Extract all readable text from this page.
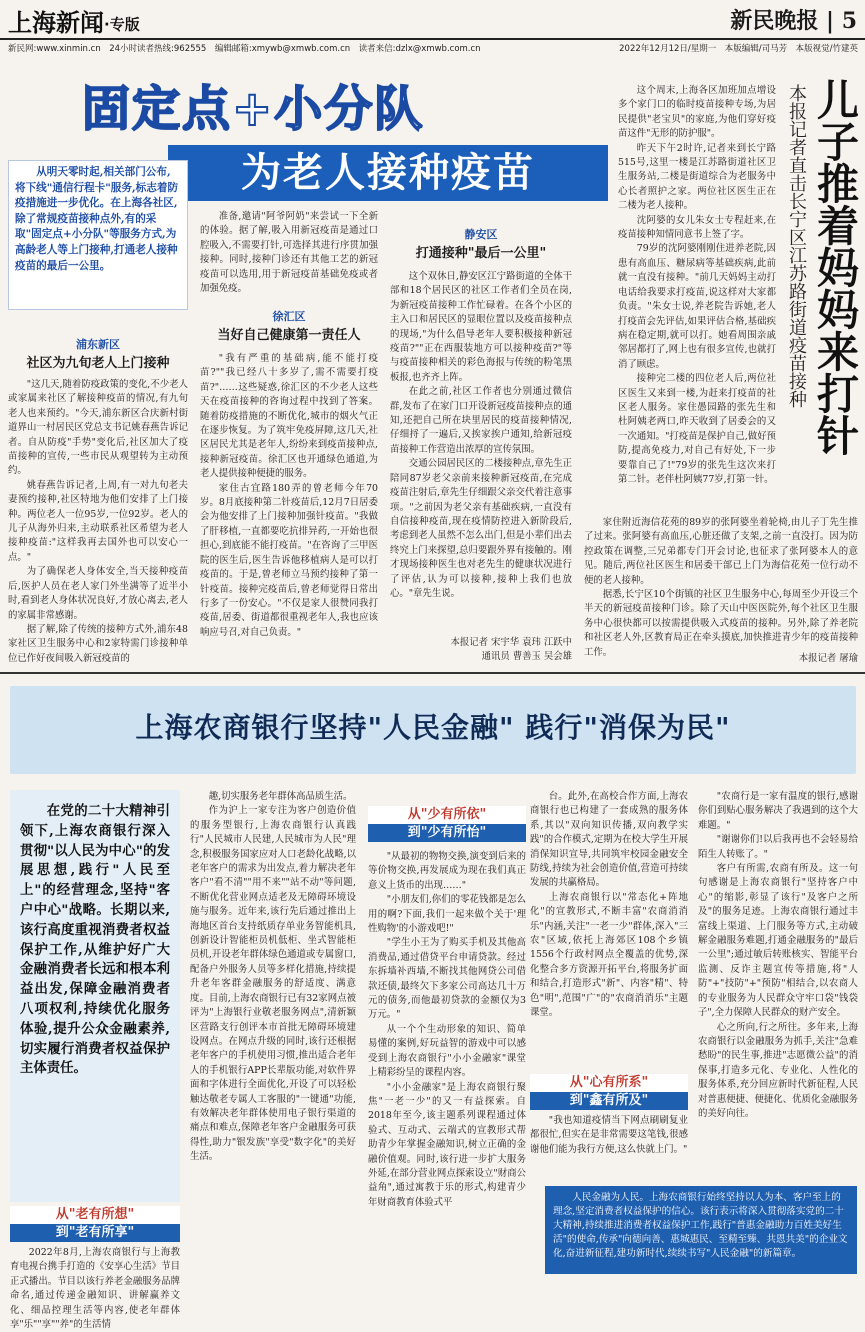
上海新闻·专版	新民晚报 | 5
新民网:www.xinmin.cn　24小时读者热线:962555　编辑邮箱:xmywb@xmwb.com.cn　读者来信:dzlx@xmwb.com.cn	2022年12月12日/星期一　本版编辑/司马芳　本版视觉/竹建英
固定点+小分队
为老人接种疫苗

从明天零时起,相关部门公布,将下线"通信行程卡"服务,标志着防疫措施进一步优化。在上海各社区,除了常规疫苗接种点外,有的采取"固定点+小分队"等服务方式,为高龄老人等上门接种,打通老人接种疫苗的最后一公里。

浦东新区
社区为九旬老人上门接种

"这几天,随着防疫政策的变化,不少老人或家属来社区了解接种疫苗的情况,有九旬老人也来预约。"今天,浦东新区合庆新村街道界山一村居民区党总支书记姚春燕告诉记者。自从防疫"手势"变化后,社区加大了疫苗接种的宣传,一些市民从观望转为主动预约。

姚春燕告诉记者,上周,有一对九旬老夫妻预约接种,社区特地为他们安排了上门接种。两位老人一位95岁,一位92岁。老人的儿子从海外归来,主动联系社区希望为老人接种疫苗:"这样我再去国外也可以安心一点。"

为了确保老人身体安全,当天接种疫苗后,医护人员在老人家门外坐满等了近半小时,看到老人身体状况良好,才放心离去,老人的家属非常感谢。

据了解,除了传统的接种方式外,浦东48家社区卫生服务中心和2家特需门诊接种单位已作好夜间吸入新冠疫苗的

准备,邀请"阿爷阿奶"来尝试一下全新的体验。据了解,吸入用新冠疫苗是通过口腔吸入,不需要打针,可选择其进行序贯加强接种。同时,接种门诊还有其他工艺的新冠疫苗可以选用,用于新冠疫苗基础免疫或者加强免疫。

徐汇区
当好自己健康第一责任人

"我有严重的基础病,能不能打疫苗?""我已经八十多岁了,需不需要打疫苗?"……这些疑惑,徐汇区的不少老人这些天在疫苗接种的咨询过程中找到了答案。随着防疫措施的不断优化,城市的烟火气正在逐步恢复。为了筑牢免疫屏障,这几天,社区居民尤其是老年人,纷纷来到疫苗接种点,接种新冠疫苗。徐汇区也开通绿色通道,为老人提供接种便捷的服务。

家住古宜路180弄的曾老师今年70岁。8月底接种第二针疫苗后,12月7日居委会为他安排了上门接种加强针疫苗。"我做了肝移植,一直都要吃抗排异药,一开始也很担心,到底能不能打疫苗。"在咨询了三甲医院的医生后,医生告诉他移植病人是可以打疫苗的。于是,曾老师立马预约接种了第一针疫苗。接种完疫苗后,曾老师觉得日常出行多了一份安心。"不仅是家人很赞同我打疫苗,居委、街道都很重视老年人,我也应该响应号召,对自己负责。"

静安区
打通接种"最后一公里"

这个双休日,静安区江宁路街道的全体干部和18个居民区的社区工作者们全员在岗,为新冠疫苗接种工作忙碌着。在各个小区的主入口和居民区的显眼位置以及疫苗接种点的现场,"为什么倡导老年人要积极接种新冠疫苗?""正在西服装地方可以接种疫苗?"等与疫苗接种相关的彩色海报与传统的粉笔黑板报,也齐齐上阵。

在此之前,社区工作者也分别通过微信群,发布了在家门口开设新冠疫苗接种点的通知,还把自己所在块里居民的疫苗接种情况,仔细捋了一遍后,又挨家挨户通知,给新冠疫苗接种工作营造出浓厚的宣传氛围。

交通公园居民区的二楼接种点,章先生正陪同87岁老父亲前来接种新冠疫苗,在完成疫苗注射后,章先生仔细跟父亲交代着注意事项。"之前因为老父亲有基础疾病,一直没有自信接种疫苗,现在疫情防控进入新阶段后,考虑到老人虽然不怎么出门,但是小辈们出去终究上门来探望,总归要跟外界有接触的。刚才现场接种医生也对老先生的健康状况进行了评估,认为可以接种,接种上我们也放心。"章先生说。

本报记者 宋宇华 袁玮 江跃中
通讯员 曹善玉 吴会雄

这个周末,上海各区加班加点增设多个家门口的临时疫苗接种专场,为居民提供"老宝贝"的家庭,为他们穿好疫苗这件"无形的防护服"。

昨天下午2时许,记者来到长宁路515号,这里一楼是江苏路街道社区卫生服务站,二楼是街道综合为老服务中心长者照护之家。两位社区医生正在二楼为老人接种。

沈阿婆的女儿朱女士专程赶来,在疫苗接种知情同意书上签了字。

79岁的沈阿婆刚刚住进养老院,因患有高血压、糖尿病等基础疾病,此前就一直没有接种。"前几天妈妈主动打电话给我要求打疫苗,说这样对大家都负责。"朱女士说,养老院告诉她,老人打疫苗会先评估,如果评估合格,基础疾病在稳定期,就可以打。她看周围亲戚邻居都打了,网上也有很多宣传,也就打消了顾虑。

接种完二楼的四位老人后,两位社区医生又来到一楼,为赶来打疫苗的社区老人服务。家住愚园路的张先生和杜阿姨老两口,昨天收到了居委会的又一次通知。"打疫苗是保护自己,做好预防,提高免疫力,对自己有好处,下一步要靠自己了!"79岁的张先生这次来打第二针。老伴杜阿姨77岁,打第一针。

家住附近海信花苑的89岁的张阿婆坐着轮椅,由儿子丁先生推了过来。张阿婆有高血压,心脏还做了支架,之前一直没打。因为防控政策在调整,三兄弟都专门开会讨论,也征求了张阿婆本人的意见。随后,两位社区医生和居委干部已上门为海信花苑一位行动不便的老人接种。

据悉,长宁区10个街镇的社区卫生服务中心,每周至少开设三个半天的新冠疫苗接种门诊。除了天山中医医院外,每个社区卫生服务中心很快都可以按需提供吸入式疫苗的接种。另外,除了养老院和社区老人外,区教育局正在牵头摸底,加快推进青少年的疫苗接种工作。

本报记者 屠瑜
儿子推着妈妈来打针
本报记者直击长宁区江苏路街道疫苗接种
上海农商银行坚持"人民金融" 践行"消保为民"

在党的二十大精神引领下,上海农商银行深入贯彻"以人民为中心"的发展思想,践行"人民至上"的经营理念,坚持"客户中心"战略。长期以来,该行高度重视消费者权益保护工作,从维护好广大金融消费者长远和根本利益出发,保障金融消费者八项权利,持续优化服务体验,提升公众金融素养,切实履行消费者权益保护主体责任。

从"老有所想"
到"老有所享"

2022年8月,上海农商银行与上海教育电视台携手打造的《安享心生活》节目正式播出。节目以该行养老金融服务品牌命名,通过传递金融知识、讲解赢养文化、细品控理生活等内容,使老年群体享"乐""享""养"的生活情

趣,切实服务老年群体高品质生活。

作为沪上一家专注为客户创造价值的服务型银行,上海农商银行认真践行"人民城市人民建,人民城市为人民"理念,积极服务国家应对人口老龄化战略,以老年客户的需求为出发点,着力解决老年客户"看不清""用不来""站不动"等问题,不断优化营业网点适老及无障碍环境设施与服务。近年来,该行先后通过推出上海地区首台支持纸质存单业务智能机具,创新设计智能柜员机低柜、坐式智能柜员机,开设老年群体绿色通道或专属窗口,配备户外服务人员等多样化措施,持续提升老年客群金融服务的舒适度、满意度。目前,上海农商银行已有32家网点被评为"上海银行业敬老服务网点",清新颖区营路支行创评本市首批无障碍环境建设网点。在网点升级的同时,该行还根据老年客户的手机使用习惯,推出适合老年人的手机银行APP长辈版功能,对软件界面和字体进行全面优化,开设了可以轻松触达敬老专属人工客服的"一键通"功能,有效解决老年群体使用电子银行渠道的痛点和难点,保障老年客户金融服务可获得性,助力"银发族"享受"数字化"的美好生活。

从"少有所依"
到"少有所怡"

"从最初的物物交换,演变到后来的等价物交换,再发展成为现在我们真正意义上货币的出现……"

"小朋友们,你们的零花钱都是怎么用的啊?下面,我们一起来做个关于'理性购物'的小游戏吧!"

"学生小王为了购买手机及其他高消费品,通过借贷平台申请贷款。经过东拆墙补西墙,不断找其他网贷公司借款还债,最终欠下多家公司高达几十万元的债务,而他最初贷款的金额仅为3万元。"

从一个个生动形象的知识、简单易懂的案例,好玩益智的游戏中可以感受到上海农商银行"小小金融家"课堂上精彩纷呈的课程内容。

"小小金融家"是上海农商银行聚焦"一老一少"的又一有益探索。自2018年至今,该主题系列课程通过体验式、互动式、云端式的宣教形式帮助青少年掌握金融知识,树立正确的金融价值观。同时,该行进一步扩大服务外延,在部分营业网点探索设立"财商公益角",通过寓教于乐的形式,构建青少年财商教育体验式平

台。此外,在高校合作方面,上海农商银行也已构建了一套成熟的服务体系,其以"双向知识传播,双向教学实践"的合作模式,定期为在校大学生开展消保知识宣导,共同筑牢校园金融安全防线,持续为社会创造价值,营造可持续发展的共赢格局。

上海农商银行以"常态化+阵地化"的宣教形式,不断丰富"农商消消乐"内涵,关注"一老一少"群体,深入"三农"区域,依托上海郊区108个乡镇1556个行政村网点全覆盖的优势,深化整合多方资源开拓平台,将服务扩面和结合,打造形式"新"、内容"精"、特色"明",范围"广"的"农商消消乐"主题课堂。

从"心有所系"
到"鑫有所及"

"我也知道疫情当下网点刷刷复业都很忙,但实在是非常需要这笔钱,很感谢他们能为我行方便,这么快就上门。"

"农商行是一家有温度的银行,感谢你们到贴心服务解决了我遇到的这个大难题。"

"谢谢你们!以后我再也不会轻易给陌生人转账了。"

客户有所需,农商有所及。这一句句感谢是上海农商银行"坚持客户中心"的缩影,彰显了该行"及客户之所及"的服务足迹。上海农商银行通过丰富线上渠道、上门服务等方式,主动破解金融服务难题,打通金融服务的"最后一公里";通过敏后转账核实、智能平台监测、反诈主题宣传等措施,将"人防"+"技防"+"预防"相结合,以农商人的专业服务为人民群众守牢口袋"钱袋子",全力保障人民群众的财产安全。

心之所向,行之所往。多年来,上海农商银行以金融服务为抓手,关注"急难愁盼"的民生事,推进"志愿微公益"的消保事,打造多元化、专业化、人性化的服务体系,充分回应新时代新征程,人民对普惠便捷、便捷化、优质化金融服务的美好向往。

人民金融为人民。上海农商银行始终坚持以人为本、客户至上的理念,坚定消费者权益保护的信心。该行表示将深入贯彻落实党的二十大精神,持续推进消费者权益保护工作,践行"普惠金融助力百姓美好生活"的使命,传承"向德向善、惠城惠民、至精至臻、共恩共美"的企业文化,奋进新征程,建功新时代,续续书写"人民金融"的新篇章。
